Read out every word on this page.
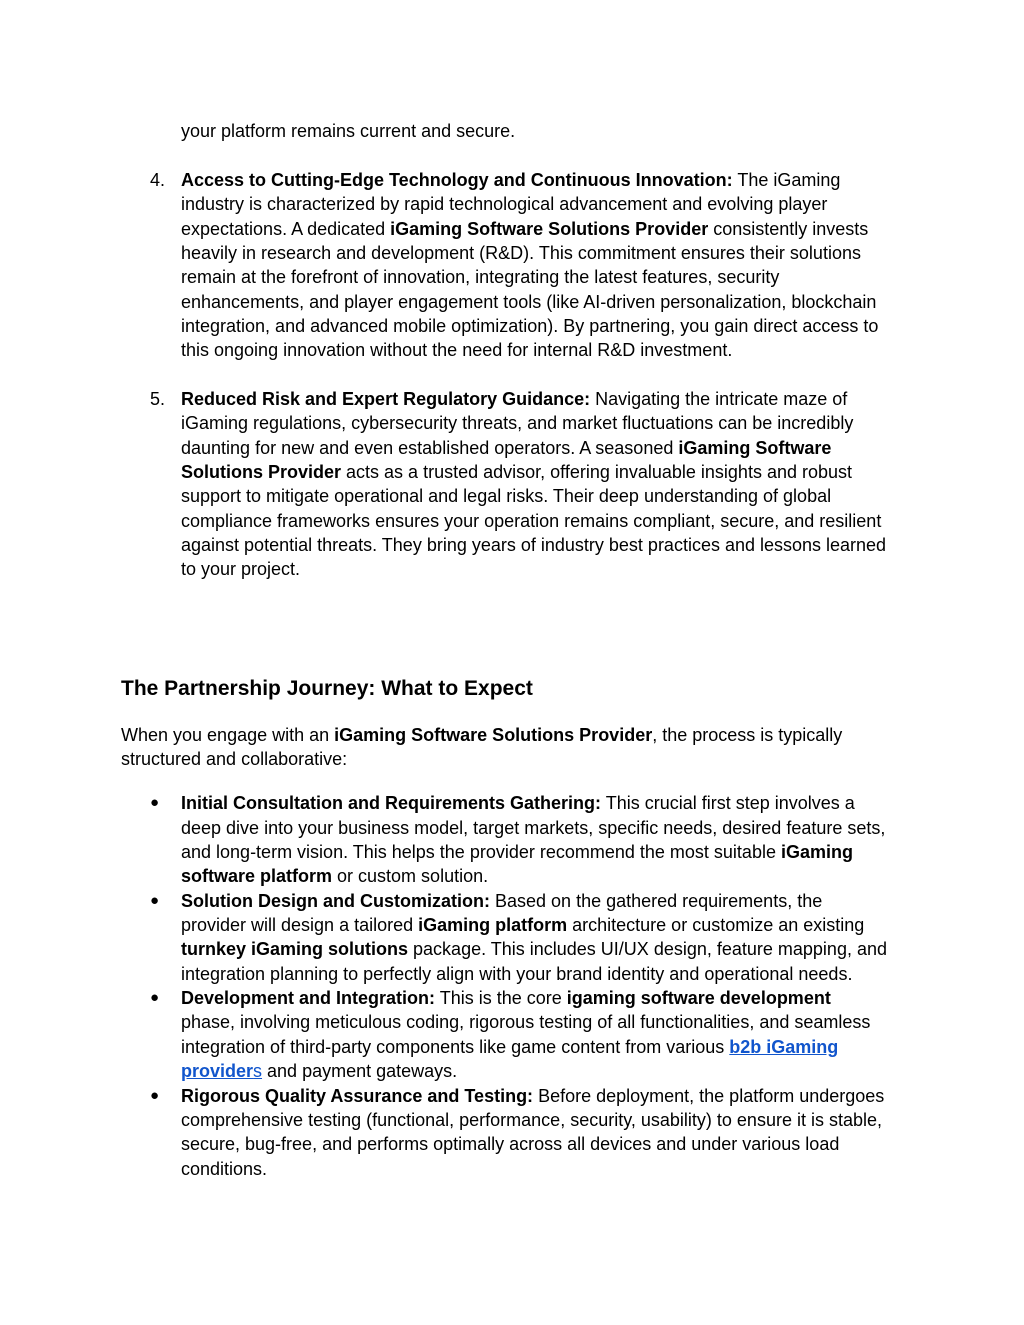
your platform remains current and secure.
4. Access to Cutting-Edge Technology and Continuous Innovation: The iGaming
industry is characterized by rapid technological advancement and evolving player
expectations. A dedicated iGaming Software Solutions Provider consistently invests
heavily in research and development (R&D). This commitment ensures their solutions
remain at the forefront of innovation, integrating the latest features, security
enhancements, and player engagement tools (like AI-driven personalization, blockchain
integration, and advanced mobile optimization). By partnering, you gain direct access to
this ongoing innovation without the need for internal R&D investment.
5. Reduced Risk and Expert Regulatory Guidance: Navigating the intricate maze of
iGaming regulations, cybersecurity threats, and market fluctuations can be incredibly
daunting for new and even established operators. A seasoned iGaming Software
Solutions Provider acts as a trusted advisor, offering invaluable insights and robust
support to mitigate operational and legal risks. Their deep understanding of global
compliance frameworks ensures your operation remains compliant, secure, and resilient
against potential threats. They bring years of industry best practices and lessons learned
to your project.
The Partnership Journey: What to Expect
When you engage with an iGaming Software Solutions Provider, the process is typically
structured and collaborative:
● Initial Consultation and Requirements Gathering: This crucial first step involves a
deep dive into your business model, target markets, specific needs, desired feature sets,
and long-term vision. This helps the provider recommend the most suitable iGaming
software platform or custom solution.
● Solution Design and Customization: Based on the gathered requirements, the
provider will design a tailored iGaming platform architecture or customize an existing
turnkey iGaming solutions package. This includes UI/UX design, feature mapping, and
integration planning to perfectly align with your brand identity and operational needs.
● Development and Integration: This is the core igaming software development
phase, involving meticulous coding, rigorous testing of all functionalities, and seamless
integration of third-party components like game content from various b2b iGaming
providers and payment gateways.
● Rigorous Quality Assurance and Testing: Before deployment, the platform undergoes
comprehensive testing (functional, performance, security, usability) to ensure it is stable,
secure, bug-free, and performs optimally across all devices and under various load
conditions.
